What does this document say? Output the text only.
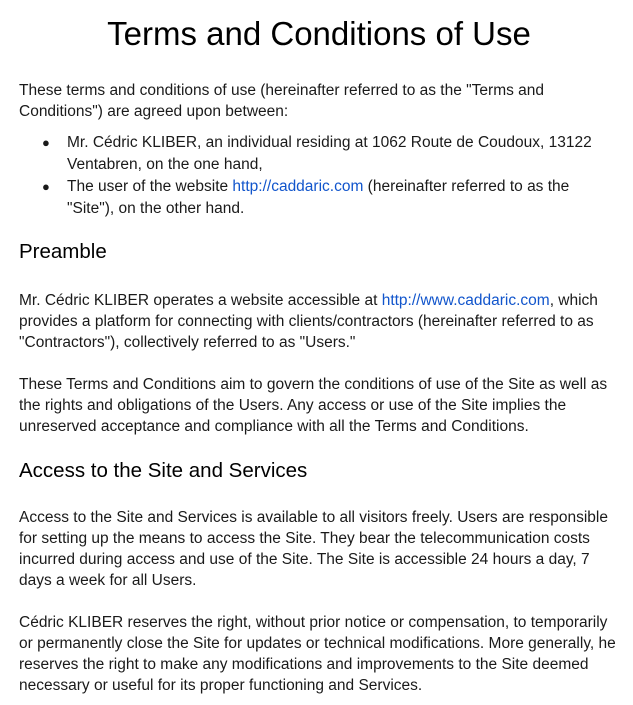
Terms and Conditions of Use

These terms and conditions of use (hereinafter referred to as the "Terms and Conditions") are agreed upon between:

● Mr. Cédric KLIBER, an individual residing at 1062 Route de Coudoux, 13122 Ventabren, on the one hand,
● The user of the website http://caddaric.com (hereinafter referred to as the "Site"), on the other hand.
Preamble

Mr. Cédric KLIBER operates a website accessible at http://www.caddaric.com, which provides a platform for connecting with clients/contractors (hereinafter referred to as "Contractors"), collectively referred to as "Users."

These Terms and Conditions aim to govern the conditions of use of the Site as well as the rights and obligations of the Users. Any access or use of the Site implies the unreserved acceptance and compliance with all the Terms and Conditions.

Access to the Site and Services

Access to the Site and Services is available to all visitors freely. Users are responsible for setting up the means to access the Site. They bear the telecommunication costs incurred during access and use of the Site. The Site is accessible 24 hours a day, 7 days a week for all Users.

Cédric KLIBER reserves the right, without prior notice or compensation, to temporarily or permanently close the Site for updates or technical modifications. More generally, he reserves the right to make any modifications and improvements to the Site deemed necessary or useful for its proper functioning and Services.
